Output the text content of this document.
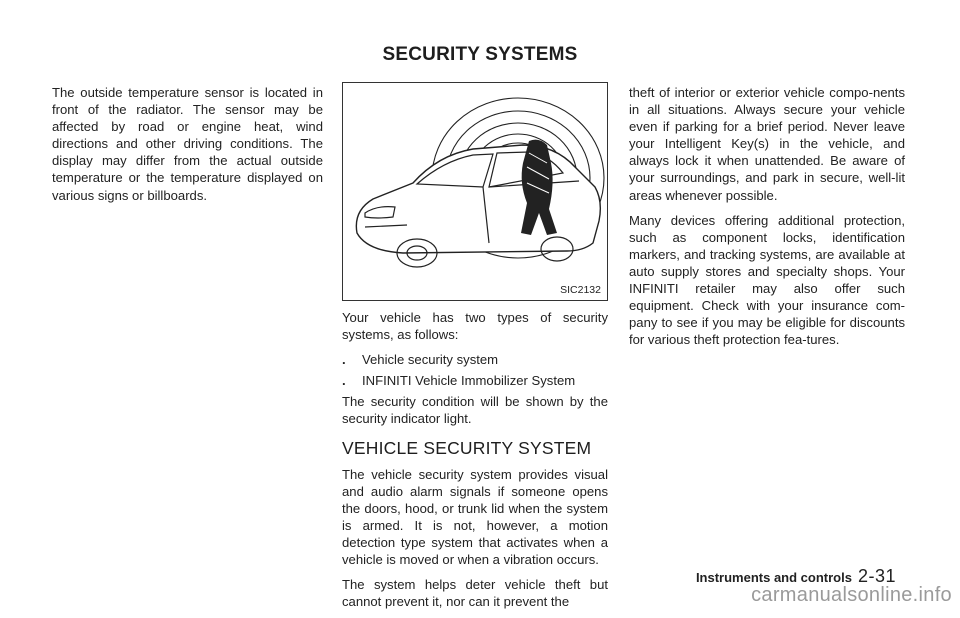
SECURITY SYSTEMS

The outside temperature sensor is located in front of the radiator. The sensor may be affected by road or engine heat, wind directions and other driving conditions. The display may differ from the actual outside temperature or the temperature displayed on various signs or billboards.

SIC2132

Your vehicle has two types of security systems, as follows:

.	Vehicle security system
.	INFINITI Vehicle Immobilizer System

The security condition will be shown by the security indicator light.

VEHICLE SECURITY SYSTEM

The vehicle security system provides visual and audio alarm signals if someone opens the doors, hood, or trunk lid when the system is armed. It is not, however, a motion detection type system that activates when a vehicle is moved or when a vibration occurs.

The system helps deter vehicle theft but cannot prevent it, nor can it prevent the

theft of interior or exterior vehicle compo-nents in all situations. Always secure your vehicle even if parking for a brief period. Never leave your Intelligent Key(s) in the vehicle, and always lock it when unattended. Be aware of your surroundings, and park in secure, well-lit areas whenever possible.

Many devices offering additional protection, such as component locks, identification markers, and tracking systems, are available at auto supply stores and specialty shops. Your INFINITI retailer may also offer such equipment. Check with your insurance com-pany to see if you may be eligible for discounts for various theft protection fea-tures.

Instruments and controls 2-31
carmanualsonline.info
